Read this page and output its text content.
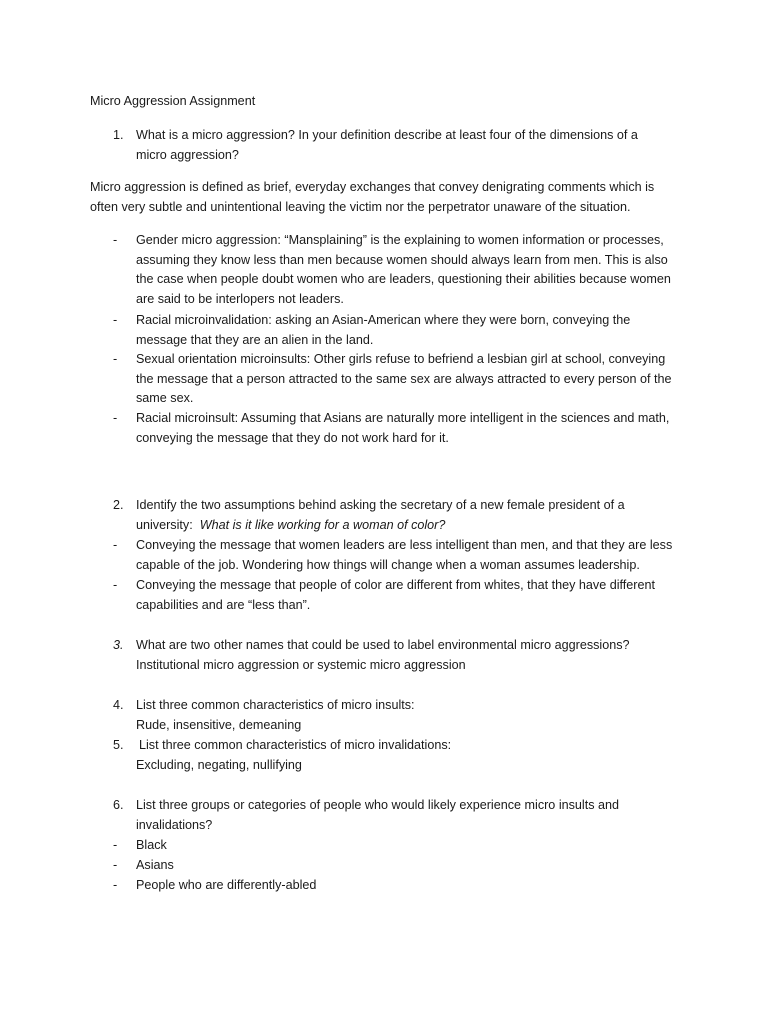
Micro Aggression Assignment
1. What is a micro aggression? In your definition describe at least four of the dimensions of a
micro aggression?
Micro aggression is defined as brief, everyday exchanges that convey denigrating comments which is
often very subtle and unintentional leaving the victim nor the perpetrator unaware of the situation.
- Gender micro aggression: “Mansplaining” is the explaining to women information or processes,
assuming they know less than men because women should always learn from men. This is also
the case when people doubt women who are leaders, questioning their abilities because women
are said to be interlopers not leaders.
- Racial microinvalidation: asking an Asian-American where they were born, conveying the
message that they are an alien in the land.
- Sexual orientation microinsults: Other girls refuse to befriend a lesbian girl at school, conveying
the message that a person attracted to the same sex are always attracted to every person of the
same sex.
- Racial microinsult: Assuming that Asians are naturally more intelligent in the sciences and math,
conveying the message that they do not work hard for it.
2. Identify the two assumptions behind asking the secretary of a new female president of a
university:  What is it like working for a woman of color?
- Conveying the message that women leaders are less intelligent than men, and that they are less
capable of the job. Wondering how things will change when a woman assumes leadership.
- Conveying the message that people of color are different from whites, that they have different
capabilities and are “less than”.
3. What are two other names that could be used to label environmental micro aggressions?
Institutional micro aggression or systemic micro aggression
4. List three common characteristics of micro insults:
Rude, insensitive, demeaning
5. List three common characteristics of micro invalidations:
Excluding, negating, nullifying
6. List three groups or categories of people who would likely experience micro insults and
invalidations?
- Black
- Asians
- People who are differently-abled
